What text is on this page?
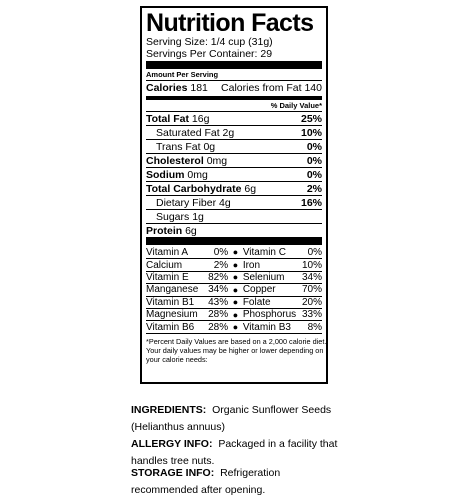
Nutrition Facts
Serving Size: 1/4 cup (31g)
Servings Per Container: 29
Amount Per Serving
Calories 181 Calories from Fat 140
% Daily Value*
Total Fat 16g	25%
Saturated Fat 2g	10%
Trans Fat 0g	0%
Cholesterol 0mg	0%
Sodium 0mg	0%
Total Carbohydrate 6g	2%
Dietary Fiber 4g	16%
Sugars 1g
Protein 6g
Vitamin A	0% ● Vitamin C 0%
Calcium	2% ● Iron	10%
Vitamin E 82% ● Selenium 34%
Manganese 34% ● Copper	70%
Vitamin B1 43% ● Folate	20%
Magnesium 28% ● Phosphorus 33%
Vitamin B6 28% ● Vitamin B3 8%
*Percent Daily Values are based on a 2,000 calorie diet.
Your daily values may be higher or lower depending on
your calorie needs:
INGREDIENTS: Organic Sunflower Seeds
(Helianthus annuus)
ALLERGY INFO: Packaged in a facility that
handles tree nuts.
STORAGE INFO: Refrigeration
recommended after opening.
